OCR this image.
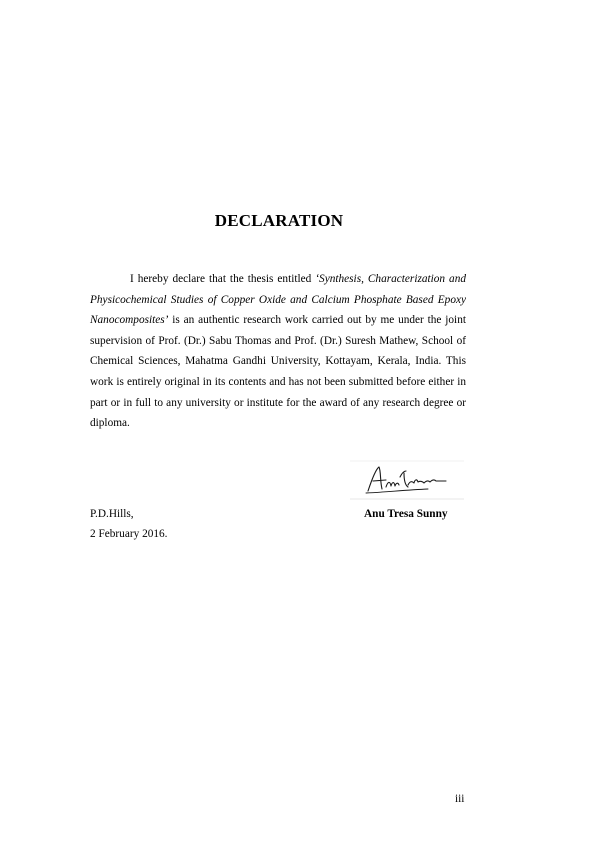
DECLARATION

I hereby declare that the thesis entitled ‘Synthesis, Characterization and Physicochemical Studies of Copper Oxide and Calcium Phosphate Based Epoxy Nanocomposites’ is an authentic research work carried out by me under the joint supervision of Prof. (Dr.) Sabu Thomas and Prof. (Dr.) Suresh Mathew, School of Chemical Sciences, Mahatma Gandhi University, Kottayam, Kerala, India. This work is entirely original in its contents and has not been submitted before either in part or in full to any university or institute for the award of any research degree or diploma.

P.D.Hills,
2 February 2016.
Anu Tresa Sunny
iii
